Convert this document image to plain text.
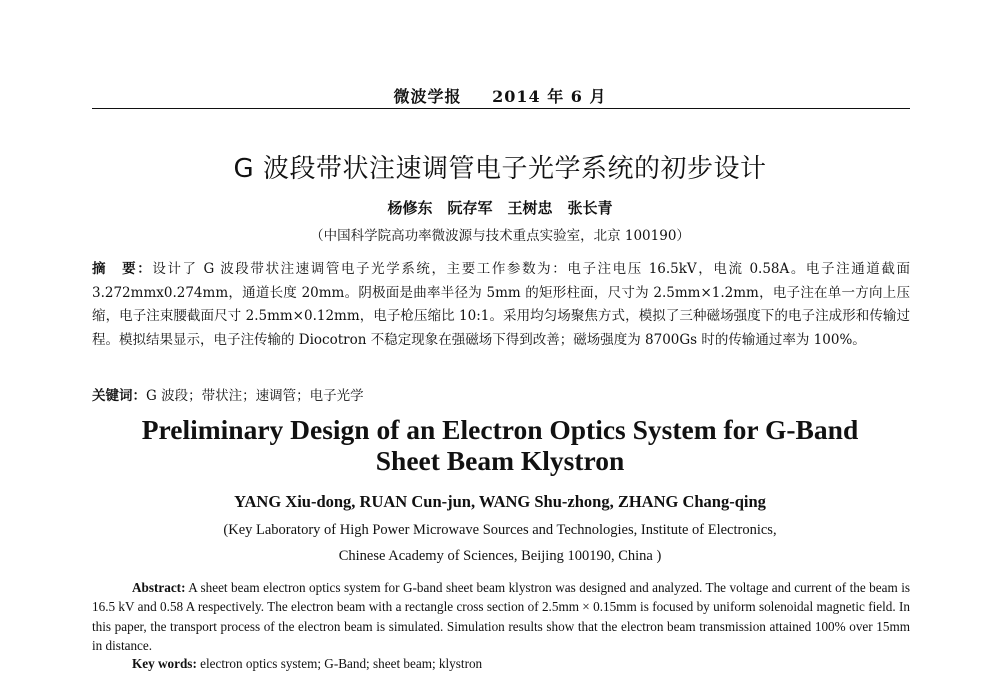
微波学报 2014 年 6 月
G 波段带状注速调管电子光学系统的初步设计
杨修东　阮存军　王树忠　张长青
（中国科学院高功率微波源与技术重点实验室，北京 100190）
摘　要：设计了 G 波段带状注速调管电子光学系统，主要工作参数为：电子注电压 16.5kV，电流 0.58A。电子注通道截面 3.272mmx0.274mm，通道长度 20mm。阴极面是曲率半径为 5mm 的矩形柱面，尺寸为 2.5mm×1.2mm，电子注在单一方向上压缩，电子注束腰截面尺寸 2.5mm×0.12mm，电子枪压缩比 10:1。采用均匀场聚焦方式，模拟了三种磁场强度下的电子注成形和传输过程。模拟结果显示，电子注传输的 Diocotron 不稳定现象在强磁场下得到改善；磁场强度为 8700Gs 时的传输通过率为 100%。
关键词：G 波段；带状注；速调管；电子光学
Preliminary Design of an Electron Optics System for G-Band
Sheet Beam Klystron
YANG Xiu-dong, RUAN Cun-jun, WANG Shu-zhong, ZHANG Chang-qing
(Key Laboratory of High Power Microwave Sources and Technologies, Institute of Electronics,
Chinese Academy of Sciences, Beijing 100190, China )
Abstract: A sheet beam electron optics system for G-band sheet beam klystron was designed and analyzed. The voltage and current of the beam is 16.5 kV and 0.58 A respectively. The electron beam with a rectangle cross section of 2.5mm × 0.15mm is focused by uniform solenoidal magnetic field. In this paper, the transport process of the electron beam is simulated. Simulation results show that the electron beam transmission attained 100% over 15mm in distance.
Key words: electron optics system; G-Band; sheet beam; klystron
